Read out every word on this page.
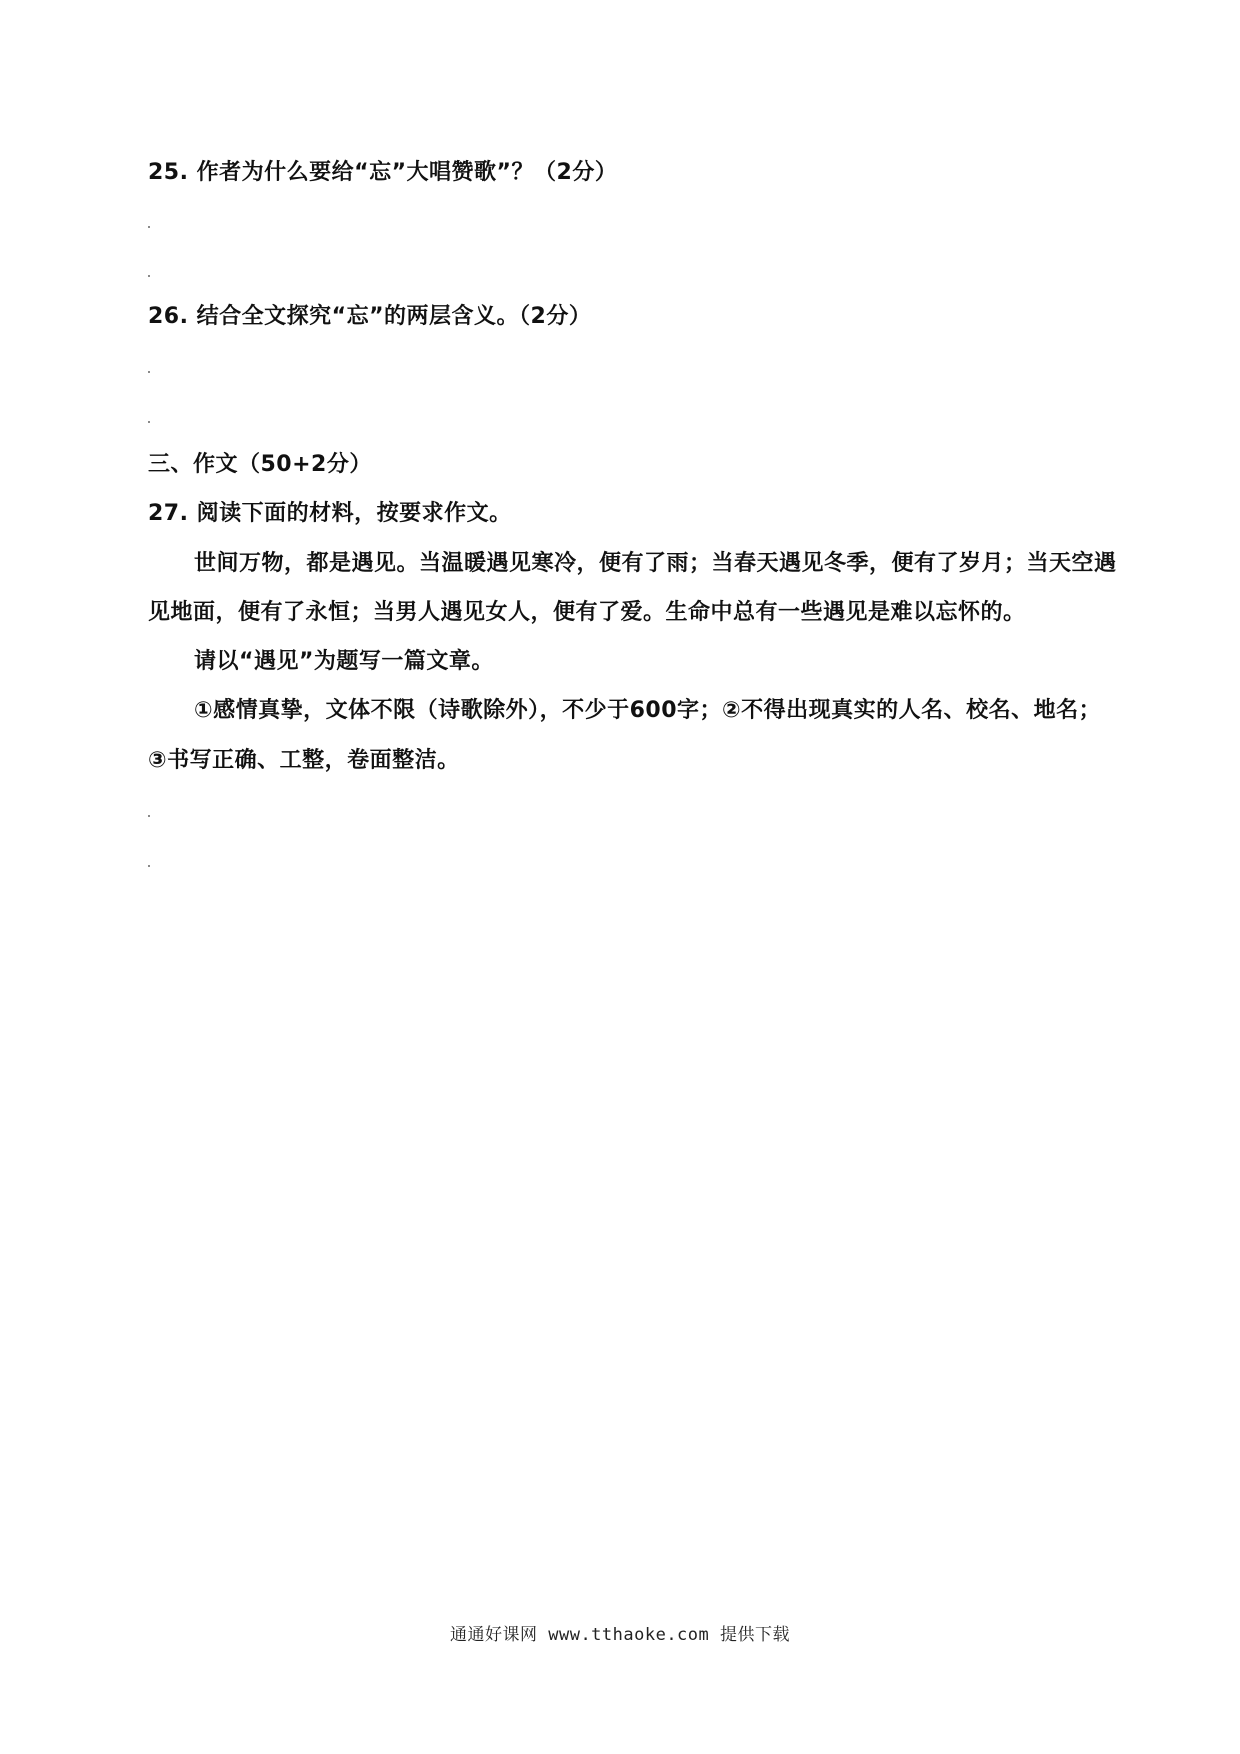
25. 作者为什么要给“忘”大唱赞歌”？（2分）
26. 结合全文探究“忘”的两层含义。（2分）
三、作文（50+2分）
27. 阅读下面的材料，按要求作文。
世间万物，都是遇见。当温暖遇见寒冷，便有了雨；当春天遇见冬季，便有了岁月；当天空遇
见地面，便有了永恒；当男人遇见女人，便有了爱。生命中总有一些遇见是难以忘怀的。
请以“遇见”为题写一篇文章。
①感情真挚，文体不限（诗歌除外），不少于600字；②不得出现真实的人名、校名、地名；
③书写正确、工整，卷面整洁。
通通好课网 www.tthaoke.com 提供下载
